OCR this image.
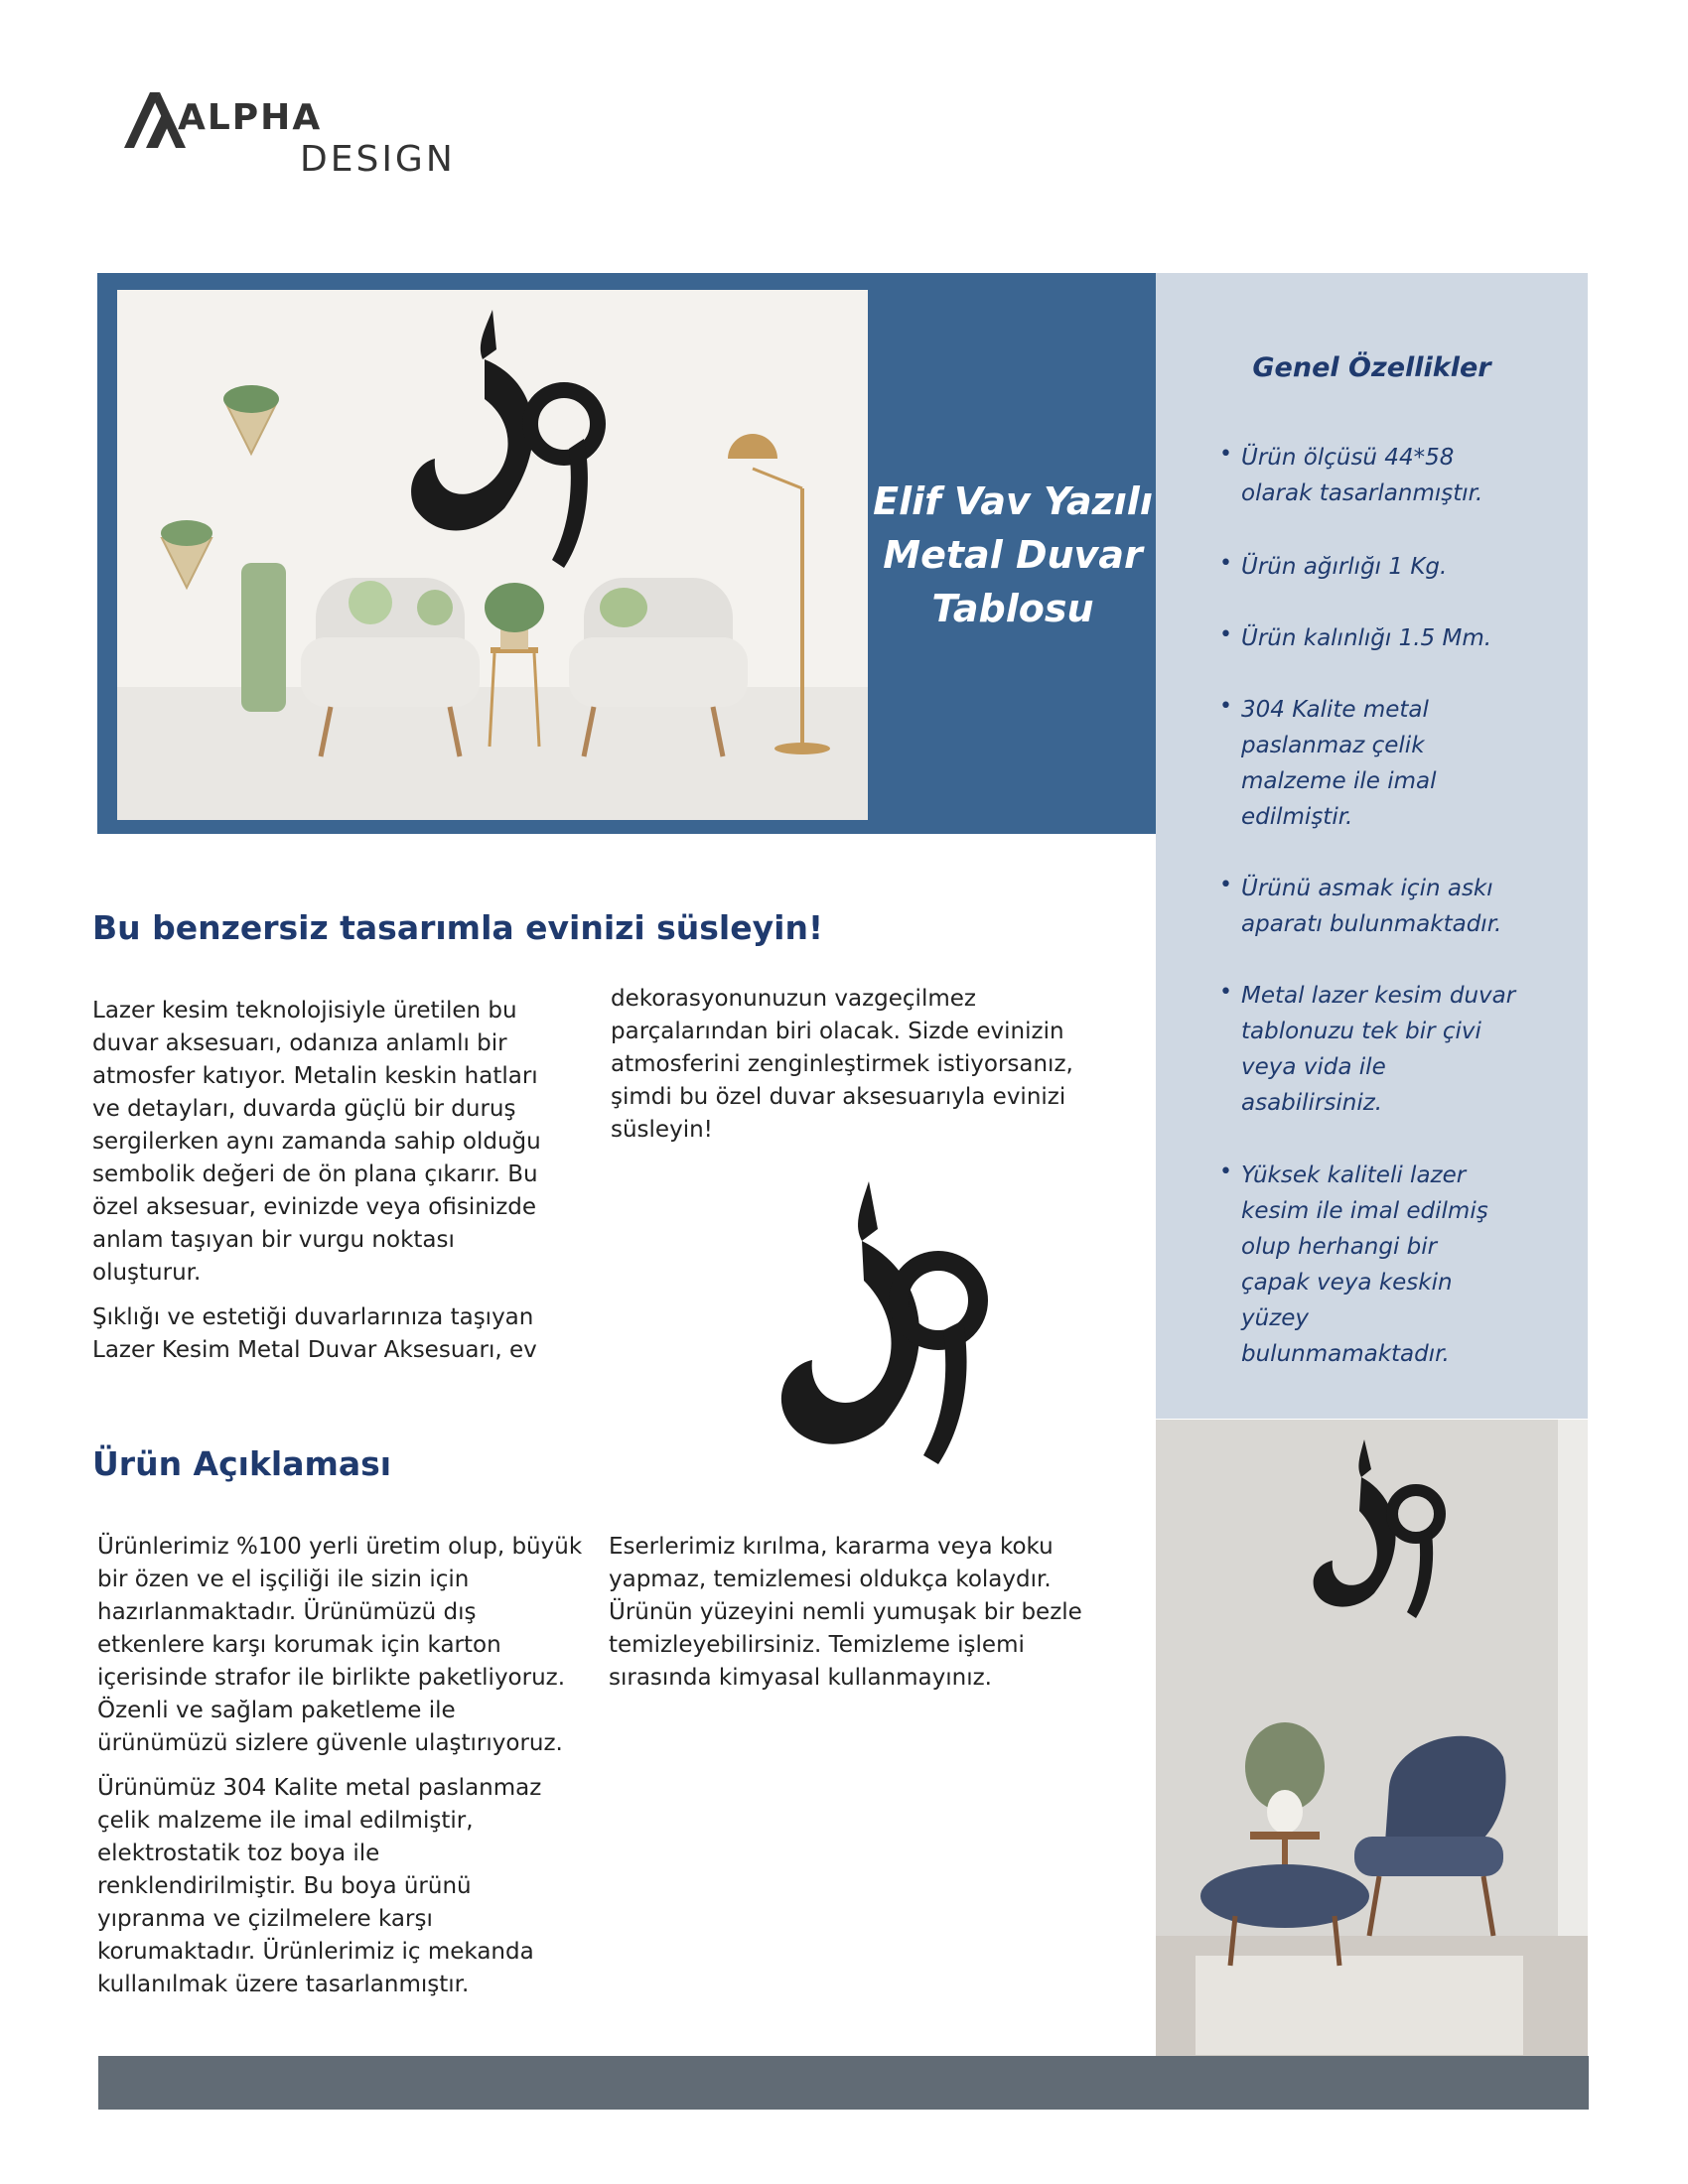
ALPHA
DESIGN
Elif Vav Yazılı
Metal Duvar
Tablosu
Genel Özellikler
• Ürün ölçüsü 44*58
olarak tasarlanmıştır.
• Ürün ağırlığı 1 Kg.
• Ürün kalınlığı 1.5 Mm.
• 304 Kalite metal
paslanmaz çelik
malzeme ile imal
edilmiştir.
• Ürünü asmak için askı
aparatı bulunmaktadır.
• Metal lazer kesim duvar
tablonuzu tek bir çivi
veya vida ile
asabilirsiniz.
• Yüksek kaliteli lazer
kesim ile imal edilmiş
olup herhangi bir
çapak veya keskin
yüzey
bulunmamaktadır.
Bu benzersiz tasarımla evinizi süsleyin!
Lazer kesim teknolojisiyle üretilen bu
duvar aksesuarı, odanıza anlamlı bir
atmosfer katıyor. Metalin keskin hatları
ve detayları, duvarda güçlü bir duruş
sergilerken aynı zamanda sahip olduğu
sembolik değeri de ön plana çıkarır. Bu
özel aksesuar, evinizde veya ofisinizde
anlam taşıyan bir vurgu noktası
oluşturur.
Şıklığı ve estetiği duvarlarınıza taşıyan
Lazer Kesim Metal Duvar Aksesuarı, ev
dekorasyonunuzun vazgeçilmez
parçalarından biri olacak. Sizde evinizin
atmosferini zenginleştirmek istiyorsanız,
şimdi bu özel duvar aksesuarıyla evinizi
süsleyin!
Ürün Açıklaması
Ürünlerimiz %100 yerli üretim olup, büyük
bir özen ve el işçiliği ile sizin için
hazırlanmaktadır. Ürünümüzü dış
etkenlere karşı korumak için karton
içerisinde strafor ile birlikte paketliyoruz.
Özenli ve sağlam paketleme ile
ürünümüzü sizlere güvenle ulaştırıyoruz.
Ürünümüz 304 Kalite metal paslanmaz
çelik malzeme ile imal edilmiştir,
elektrostatik toz boya ile
renklendirilmiştir. Bu boya ürünü
yıpranma ve çizilmelere karşı
korumaktadır. Ürünlerimiz iç mekanda
kullanılmak üzere tasarlanmıştır.
Eserlerimiz kırılma, kararma veya koku
yapmaz, temizlemesi oldukça kolaydır.
Ürünün yüzeyini nemli yumuşak bir bezle
temizleyebilirsiniz. Temizleme işlemi
sırasında kimyasal kullanmayınız.
